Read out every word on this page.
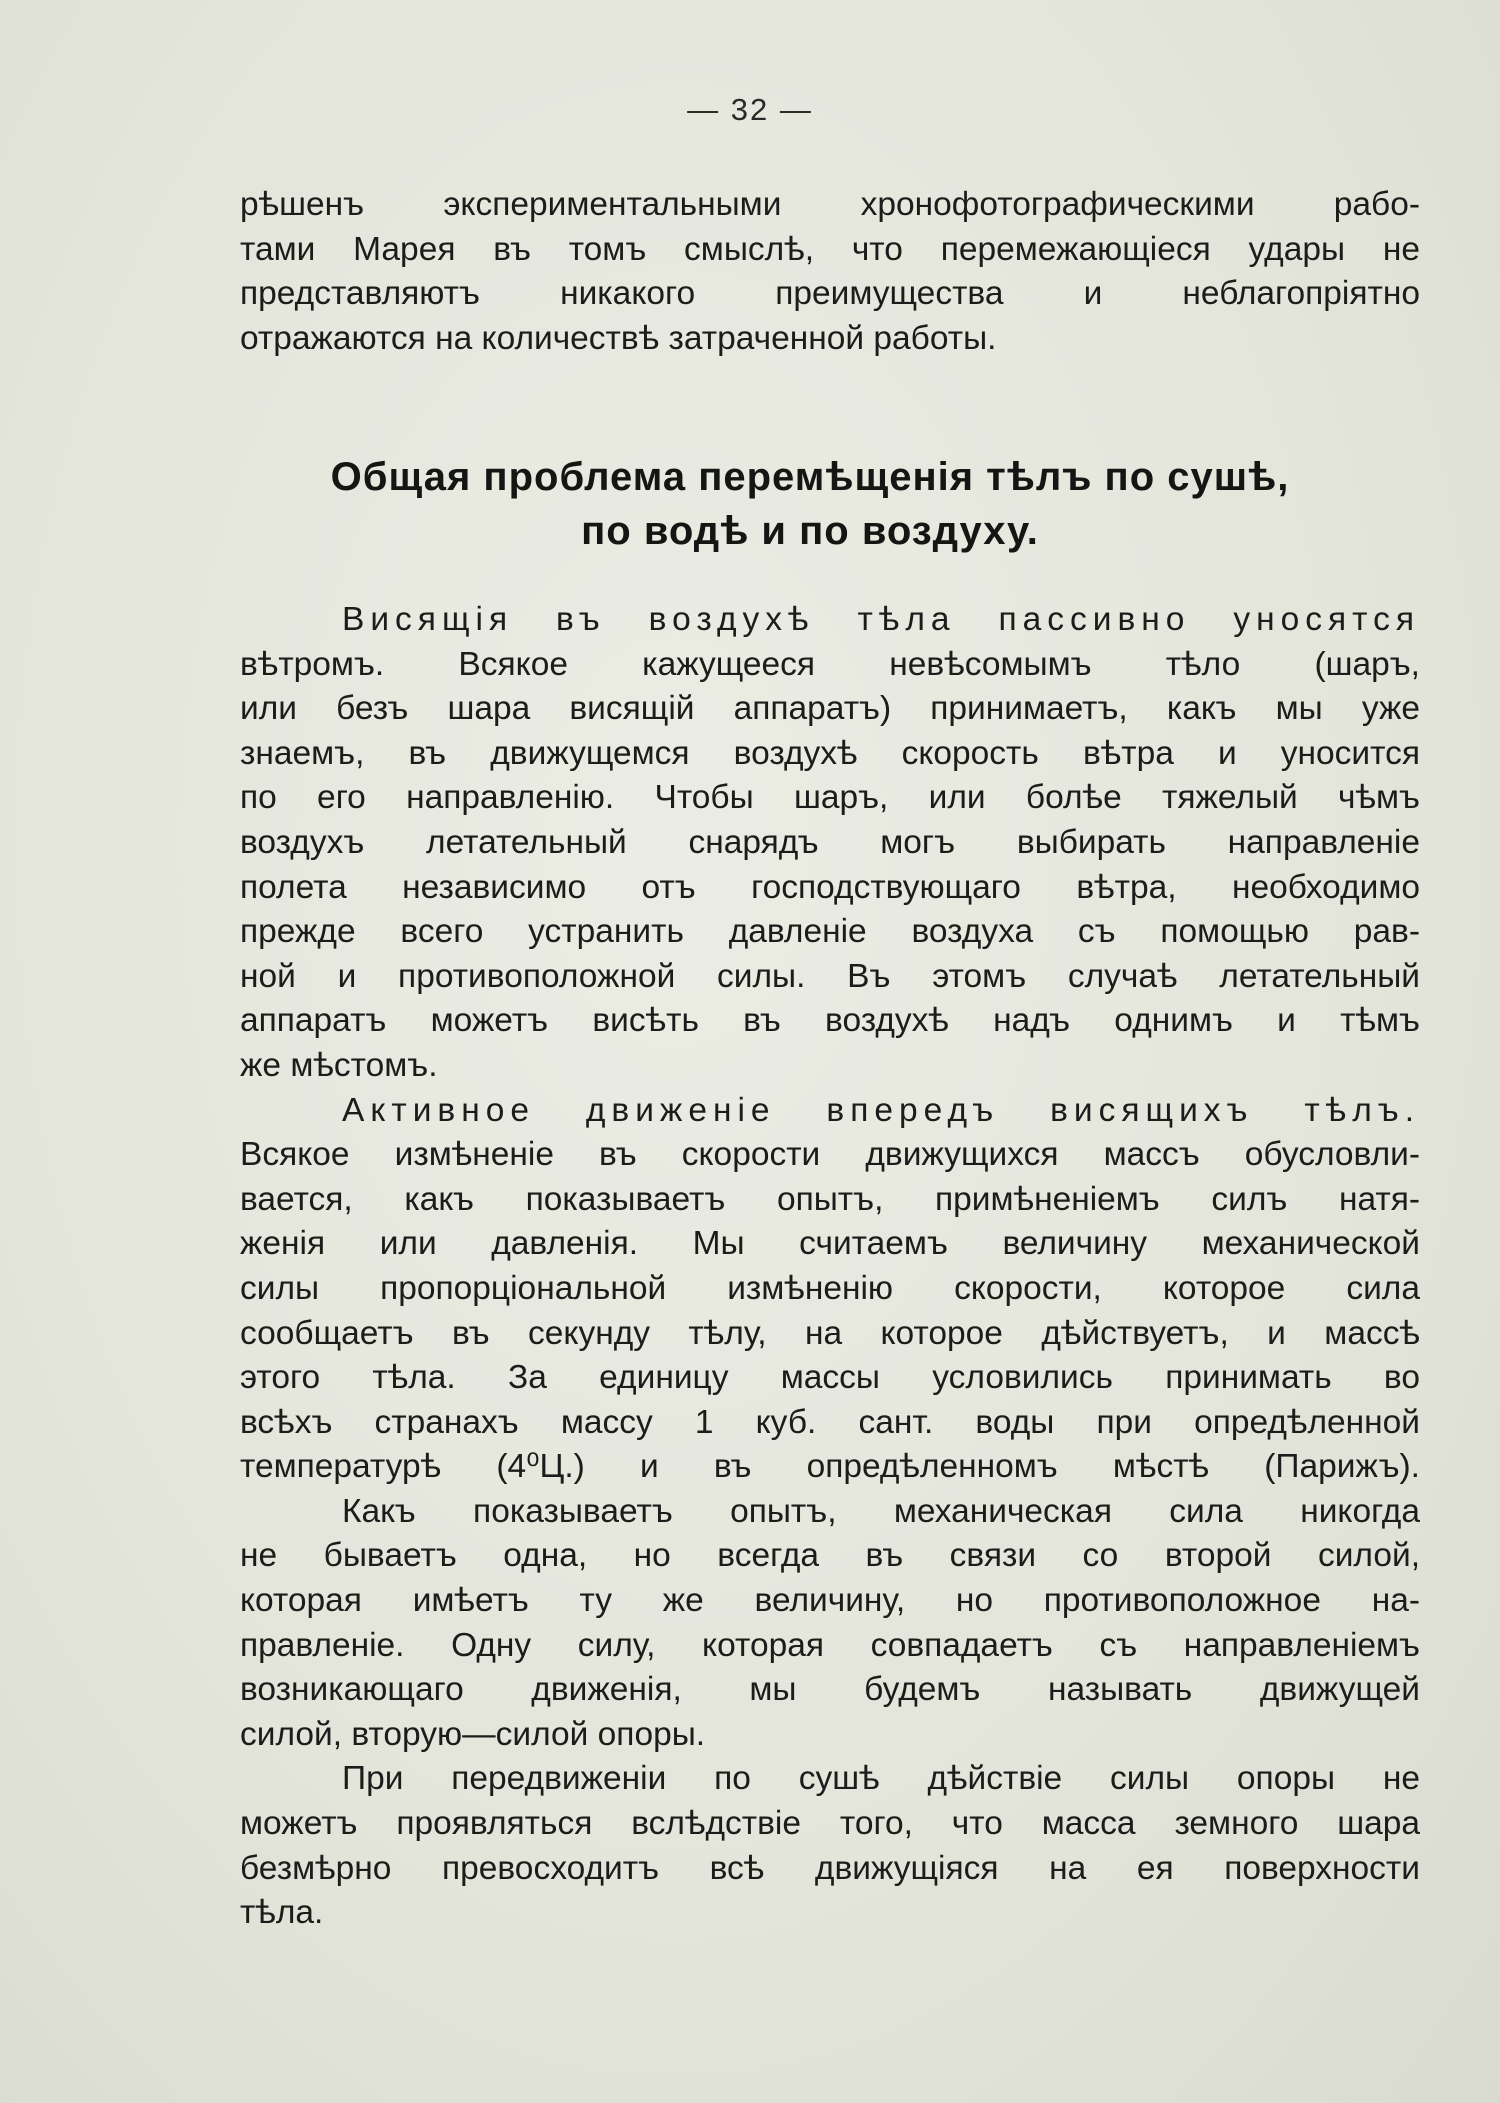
— 32 —
рѣшенъ экспериментальными хронофотографическими рабо-
тами Марея въ томъ смыслѣ, что перемежающіеся удары не
представляютъ никакого преимущества и неблагопріятно
отражаются на количествѣ затраченной работы.
Общая проблема перемѣщенія тѣлъ по сушѣ,
по водѣ и по воздуху.
Висящія въ воздухѣ тѣла пассивно уносятся
вѣтромъ. Всякое кажущееся невѣсомымъ тѣло (шаръ,
или безъ шара висящій аппаратъ) принимаетъ, какъ мы уже
знаемъ, въ движущемся воздухѣ скорость вѣтра и уносится
по его направленію. Чтобы шаръ, или болѣе тяжелый чѣмъ
воздухъ летательный снарядъ могъ выбирать направленіе
полета независимо отъ господствующаго вѣтра, необходимо
прежде всего устранить давленіе воздуха съ помощью рав-
ной и противоположной силы. Въ этомъ случаѣ летательный
аппаратъ можетъ висѣть въ воздухѣ надъ однимъ и тѣмъ
же мѣстомъ.
Активное движеніе впередъ висящихъ тѣлъ.
Всякое измѣненіе въ скорости движущихся массъ обусловли-
вается, какъ показываетъ опытъ, примѣненіемъ силъ натя-
женія или давленія. Мы считаемъ величину механической
силы пропорціональной измѣненію скорости, которое сила
сообщаетъ въ секунду тѣлу, на которое дѣйствуетъ, и массѣ
этого тѣла. За единицу массы условились принимать во
всѣхъ странахъ массу 1 куб. сант. воды при опредѣленной
температурѣ (4⁰Ц.) и въ опредѣленномъ мѣстѣ (Парижъ).
Какъ показываетъ опытъ, механическая сила никогда
не бываетъ одна, но всегда въ связи со второй силой,
которая имѣетъ ту же величину, но противоположное на-
правленіе. Одну силу, которая совпадаетъ съ направленіемъ
возникающаго движенія, мы будемъ называть движущей
силой, вторую—силой опоры.
При передвиженіи по сушѣ дѣйствіе силы опоры не
можетъ проявляться вслѣдствіе того, что масса земного шара
безмѣрно превосходитъ всѣ движущіяся на ея поверхности
тѣла.
